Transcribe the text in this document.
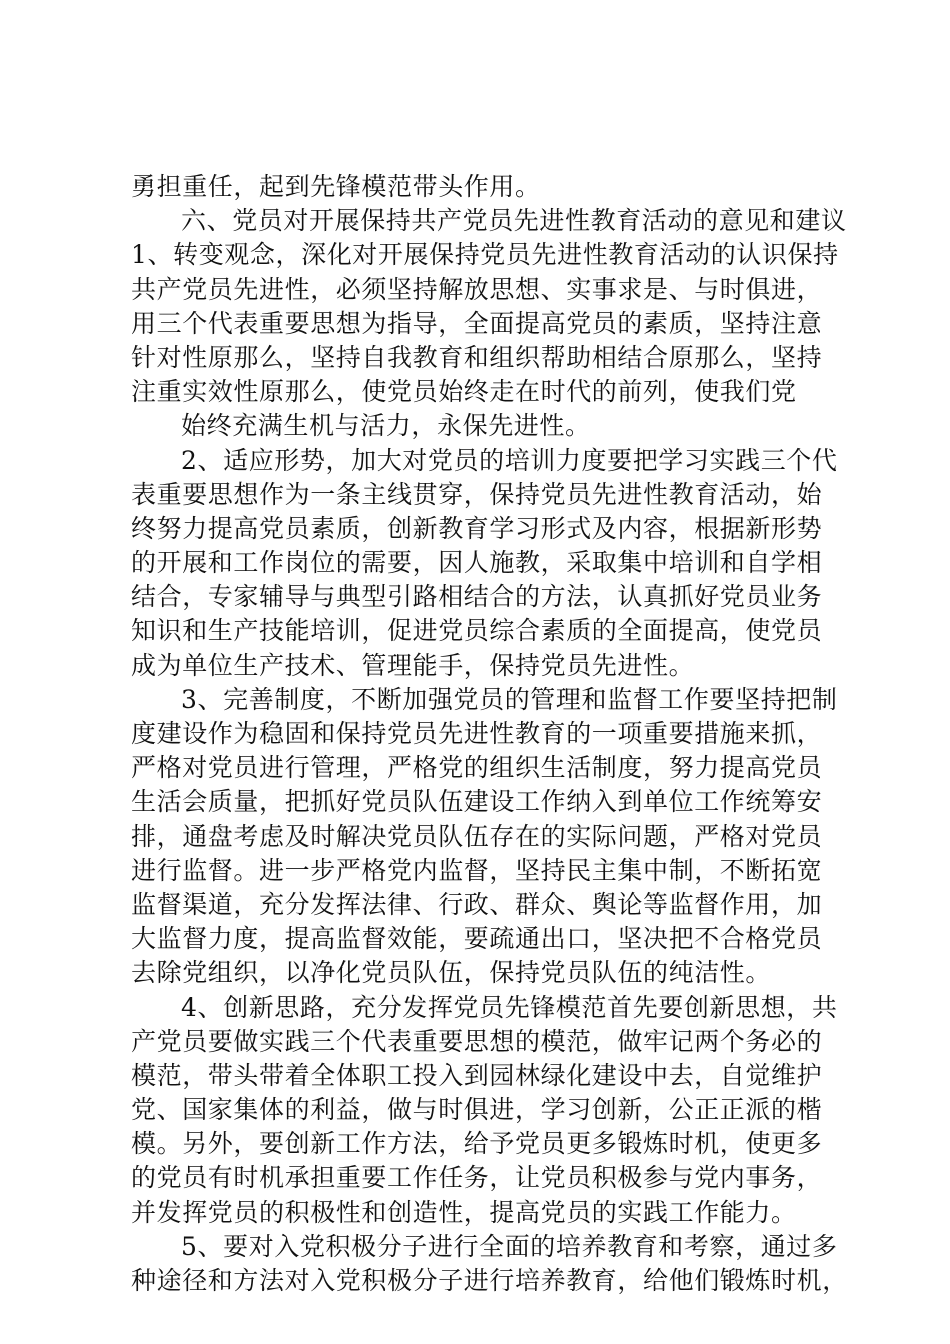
勇担重任，起到先锋模范带头作用。
六、党员对开展保持共产党员先进性教育活动的意见和建议
1、转变观念，深化对开展保持党员先进性教育活动的认识保持
共产党员先进性，必须坚持解放思想、实事求是、与时俱进，
用三个代表重要思想为指导，全面提高党员的素质，坚持注意
针对性原那么，坚持自我教育和组织帮助相结合原那么，坚持
注重实效性原那么，使党员始终走在时代的前列，使我们党
始终充满生机与活力，永保先进性。
2、适应形势，加大对党员的培训力度要把学习实践三个代
表重要思想作为一条主线贯穿，保持党员先进性教育活动，始
终努力提高党员素质，创新教育学习形式及内容，根据新形势
的开展和工作岗位的需要，因人施教，采取集中培训和自学相
结合，专家辅导与典型引路相结合的方法，认真抓好党员业务
知识和生产技能培训，促进党员综合素质的全面提高，使党员
成为单位生产技术、管理能手，保持党员先进性。
3、完善制度，不断加强党员的管理和监督工作要坚持把制
度建设作为稳固和保持党员先进性教育的一项重要措施来抓，
严格对党员进行管理，严格党的组织生活制度，努力提高党员
生活会质量，把抓好党员队伍建设工作纳入到单位工作统筹安
排，通盘考虑及时解决党员队伍存在的实际问题，严格对党员
进行监督。进一步严格党内监督，坚持民主集中制，不断拓宽
监督渠道，充分发挥法律、行政、群众、舆论等监督作用，加
大监督力度，提高监督效能，要疏通出口，坚决把不合格党员
去除党组织，以净化党员队伍，保持党员队伍的纯洁性。
4、创新思路，充分发挥党员先锋模范首先要创新思想，共
产党员要做实践三个代表重要思想的模范，做牢记两个务必的
模范，带头带着全体职工投入到园林绿化建设中去，自觉维护
党、国家集体的利益，做与时俱进，学习创新，公正正派的楷
模。另外，要创新工作方法，给予党员更多锻炼时机，使更多
的党员有时机承担重要工作任务，让党员积极参与党内事务，
并发挥党员的积极性和创造性，提高党员的实践工作能力。
5、要对入党积极分子进行全面的培养教育和考察，通过多
种途径和方法对入党积极分子进行培养教育，给他们锻炼时机，
